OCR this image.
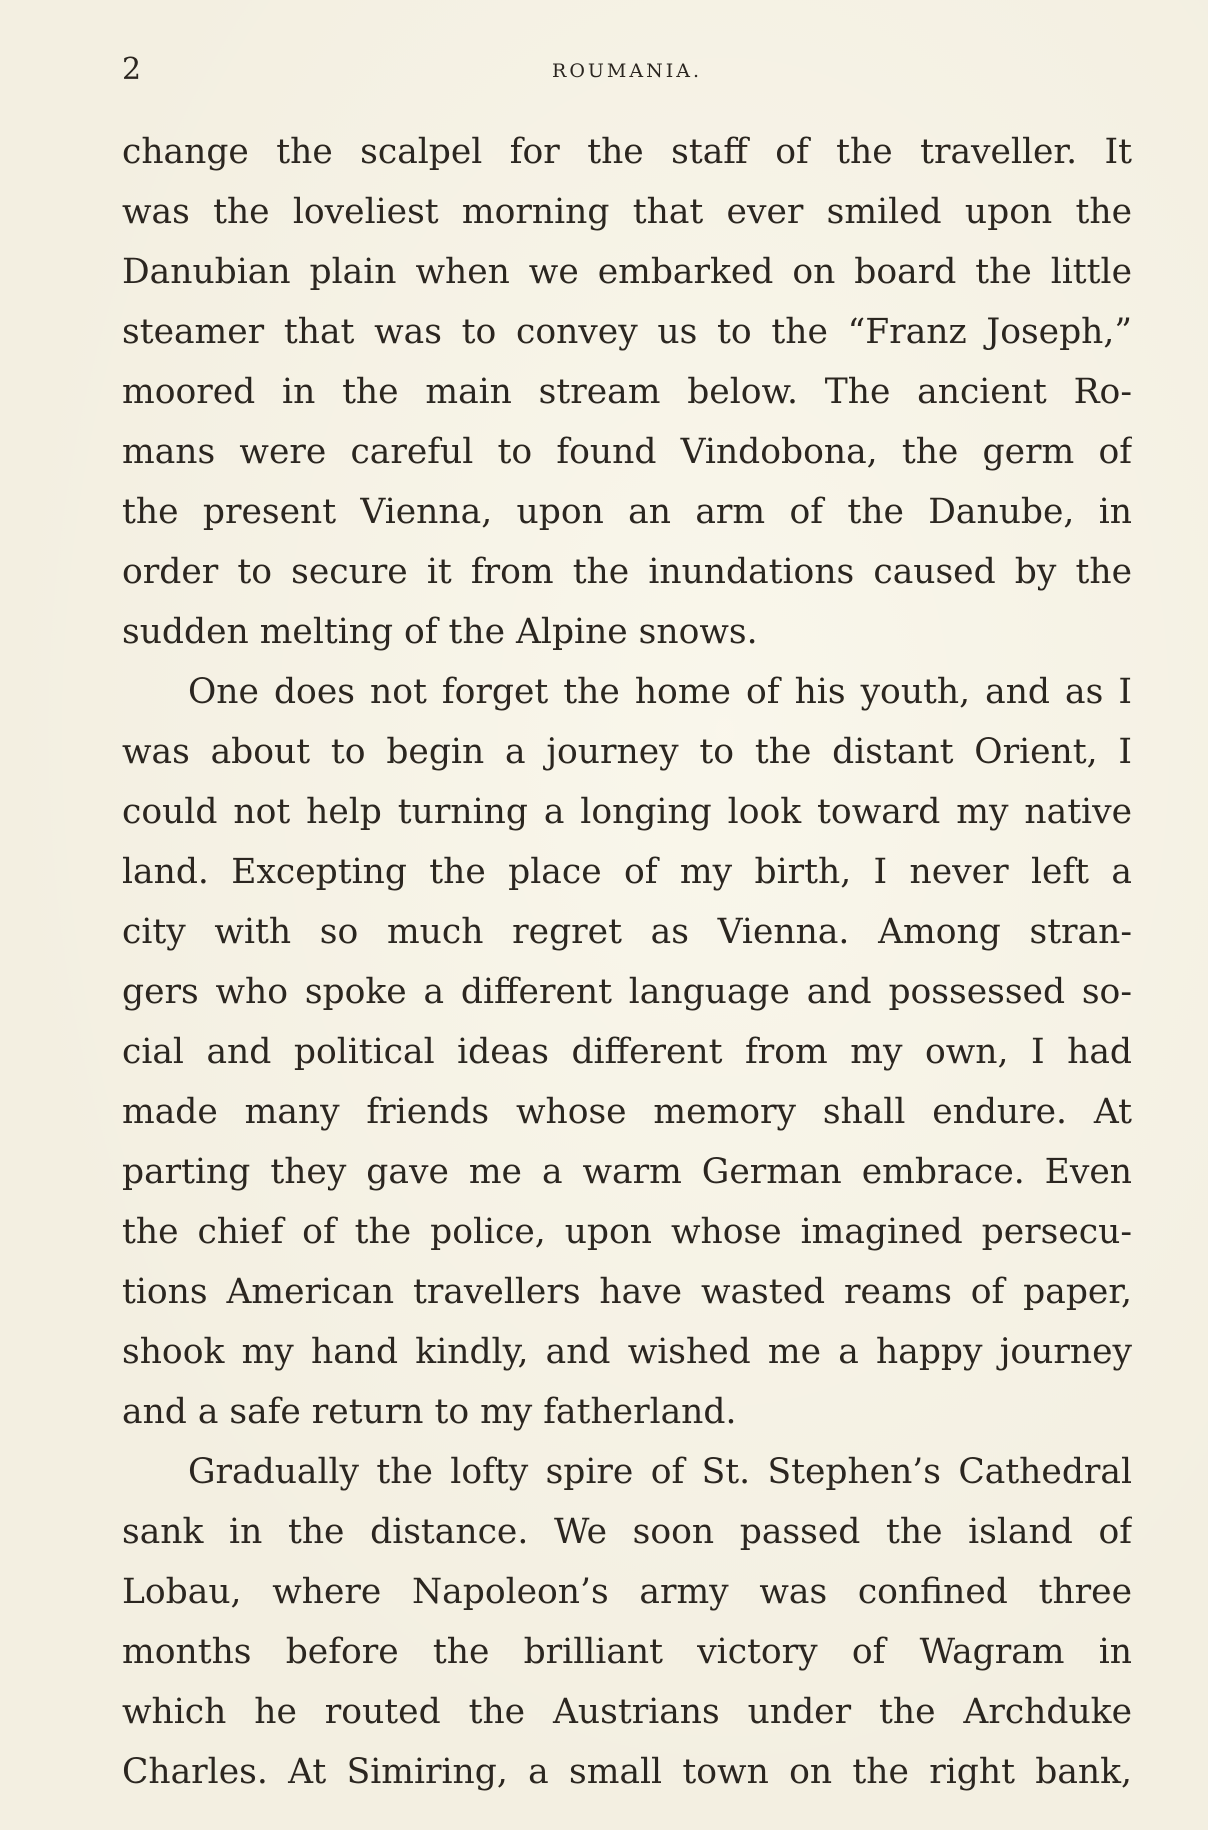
2	ROUMANIA.
change the scalpel for the staff of the traveller. It
was the loveliest morning that ever smiled upon the
Danubian plain when we embarked on board the little
steamer that was to convey us to the “Franz Joseph,”
moored in the main stream below. The ancient Ro-
mans were careful to found Vindobona, the germ of
the present Vienna, upon an arm of the Danube, in
order to secure it from the inundations caused by the
sudden melting of the Alpine snows.
One does not forget the home of his youth, and as I
was about to begin a journey to the distant Orient, I
could not help turning a longing look toward my native
land. Excepting the place of my birth, I never left a
city with so much regret as Vienna. Among stran-
gers who spoke a different language and possessed so-
cial and political ideas different from my own, I had
made many friends whose memory shall endure. At
parting they gave me a warm German embrace. Even
the chief of the police, upon whose imagined persecu-
tions American travellers have wasted reams of paper,
shook my hand kindly, and wished me a happy journey
and a safe return to my fatherland.
Gradually the lofty spire of St. Stephen’s Cathedral
sank in the distance. We soon passed the island of
Lobau, where Napoleon’s army was confined three
months before the brilliant victory of Wagram in
which he routed the Austrians under the Archduke
Charles. At Simiring, a small town on the right bank,
